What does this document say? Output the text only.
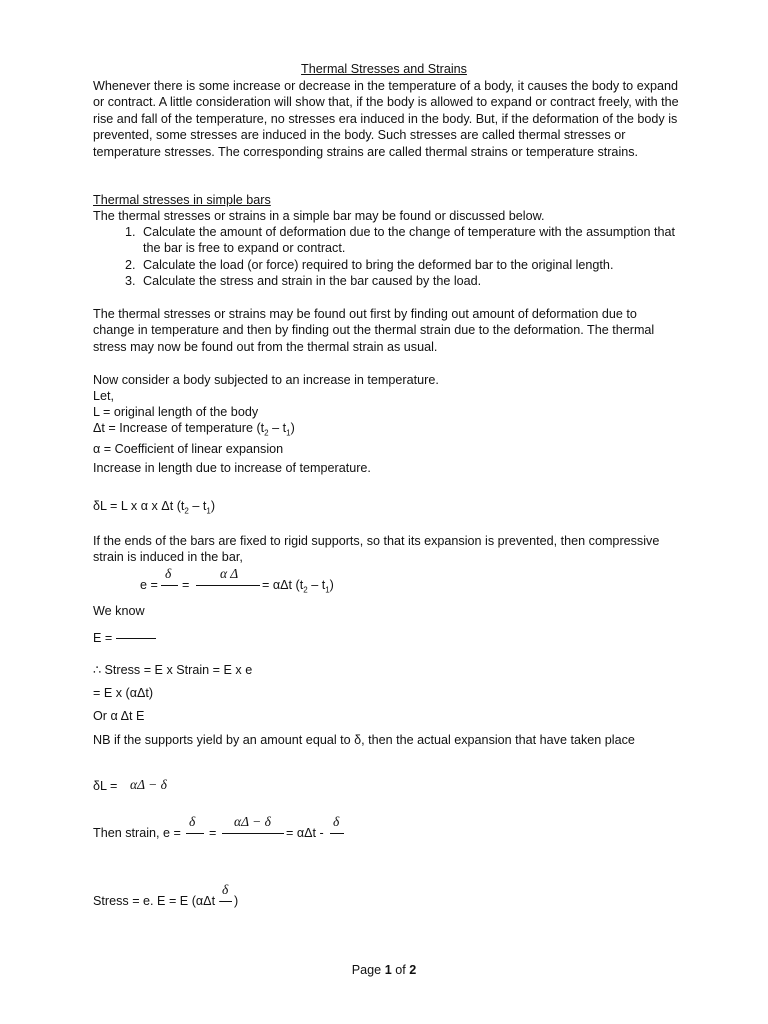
Thermal Stresses and Strains
Whenever there is some increase or decrease in the temperature of a body, it causes the body to expand or contract. A little consideration will show that, if the body is allowed to expand or contract freely, with the rise and fall of the temperature, no stresses era induced in the body. But, if the deformation of the body is prevented, some stresses are induced in the body. Such stresses are called thermal stresses or temperature stresses. The corresponding strains are called thermal strains or temperature strains.
Thermal stresses in simple bars
The thermal stresses or strains in a simple bar may be found or discussed below.
1. Calculate the amount of deformation due to the change of temperature with the assumption that the bar is free to expand or contract.
2. Calculate the load (or force) required to bring the deformed bar to the original length.
3. Calculate the stress and strain in the bar caused by the load.
The thermal stresses or strains may be found out first by finding out amount of deformation due to change in temperature and then by finding out the thermal strain due to the deformation. The thermal stress may now be found out from the thermal strain as usual.
Now consider a body subjected to an increase in temperature.
Let,
L = original length of the body
Δt = Increase of temperature $(t_2 - t_1)$
α = Coefficient of linear expansion
Increase in length due to increase of temperature.
δL = L x α x Δt $(t_2 - t_1)$
If the ends of the bars are fixed to rigid supports, so that its expansion is prevented, then compressive strain is induced in the bar,
e =
δ
=
α Δ
= αΔt $(t_2 - t_1)$
We know
E =
∴ Stress = E x Strain = E x e
= E x (αΔt)
Or α Δt E
NB if the supports yield by an amount equal to δ, then the actual expansion that have taken place
δL = αΔ − δ
Then strain, e =
δ
=
αΔ − δ
= αΔt -
δ
Stress = e. E = E (αΔt -
δ
)
Page 1 of 2
